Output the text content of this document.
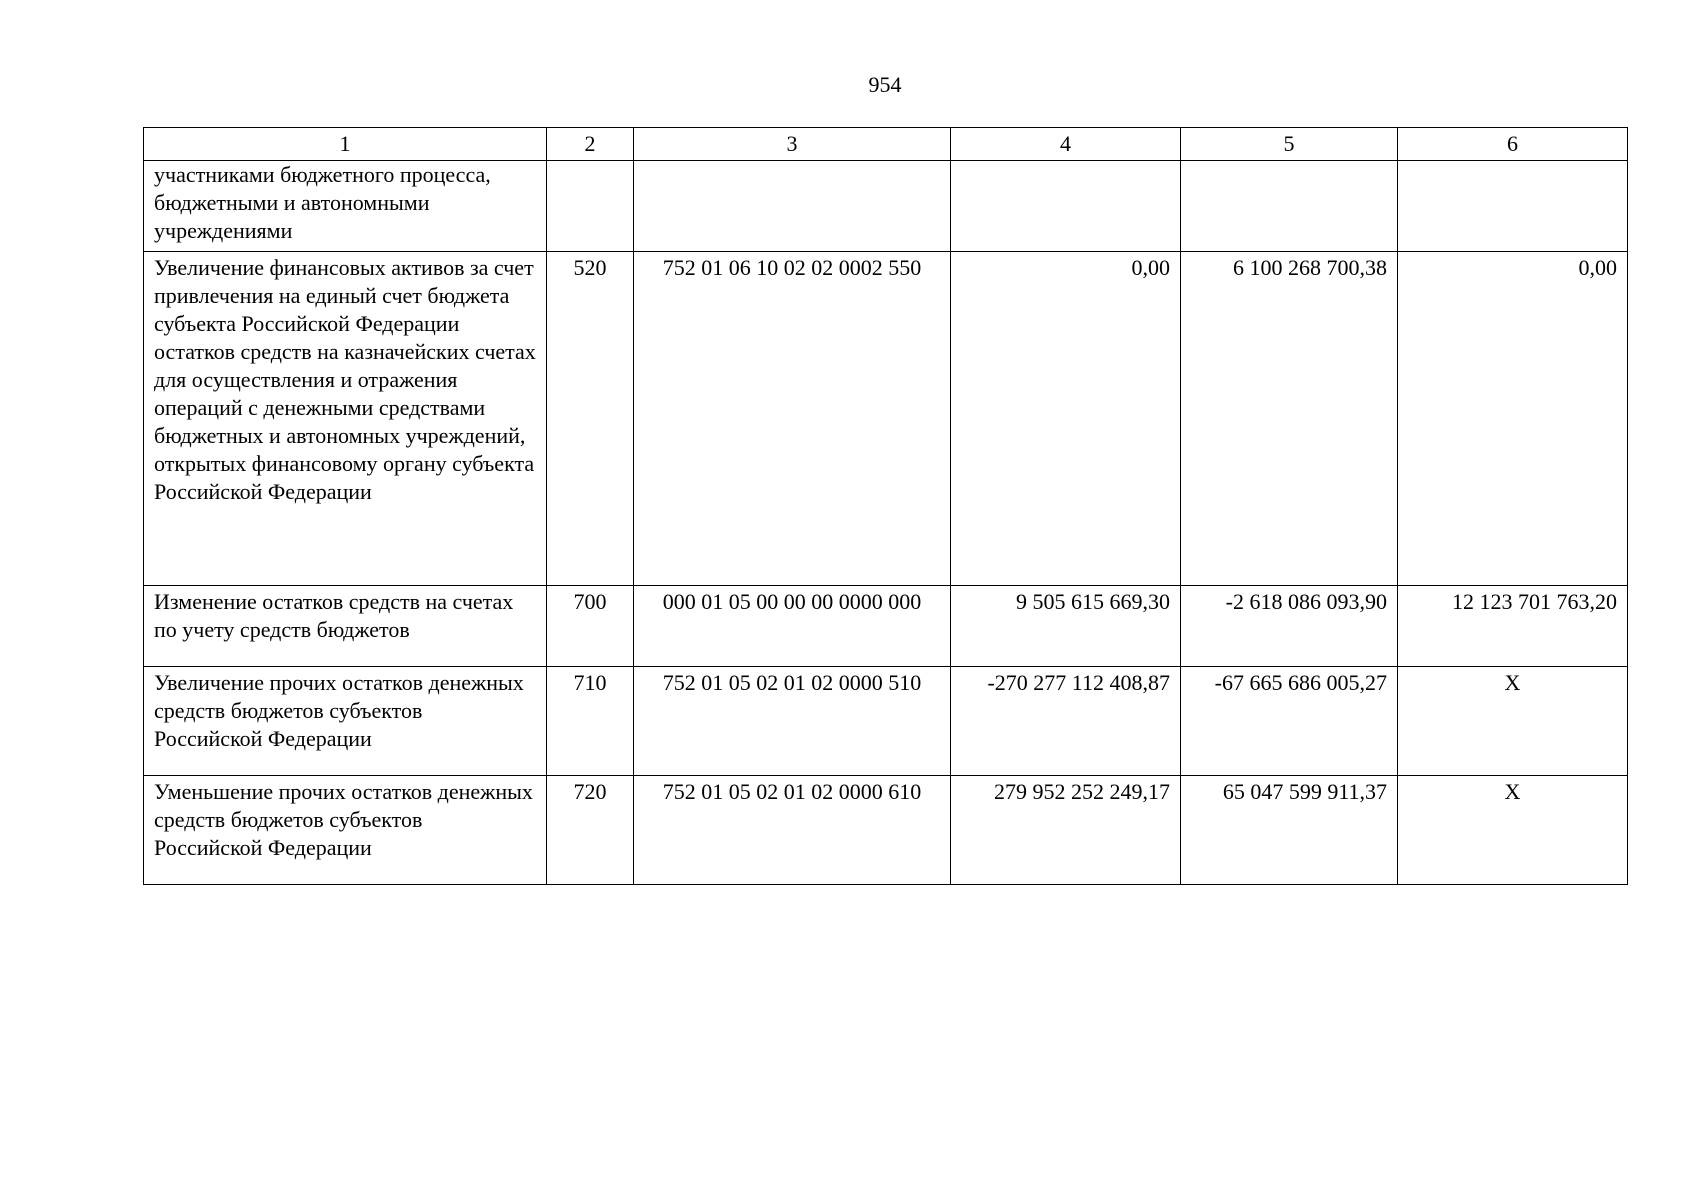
954
1	2	3	4	5	6
участниками бюджетного процесса, бюджетными и автономными учреждениями					
Увеличение финансовых активов за счет привлечения на единый счет бюджета субъекта Российской Федерации остатков средств на казначейских счетах для осуществления и отражения операций с денежными средствами бюджетных и автономных учреждений, открытых финансовому органу субъекта Российской Федерации	520	752 01 06 10 02 02 0002 550	0,00	6 100 268 700,38	0,00
Изменение остатков средств на счетах по учету средств бюджетов	700	000 01 05 00 00 00 0000 000	9 505 615 669,30	-2 618 086 093,90	12 123 701 763,20
Увеличение прочих остатков денежных средств бюджетов субъектов Российской Федерации	710	752 01 05 02 01 02 0000 510	-270 277 112 408,87	-67 665 686 005,27	X
Уменьшение прочих остатков денежных средств бюджетов субъектов Российской Федерации	720	752 01 05 02 01 02 0000 610	279 952 252 249,17	65 047 599 911,37	X
